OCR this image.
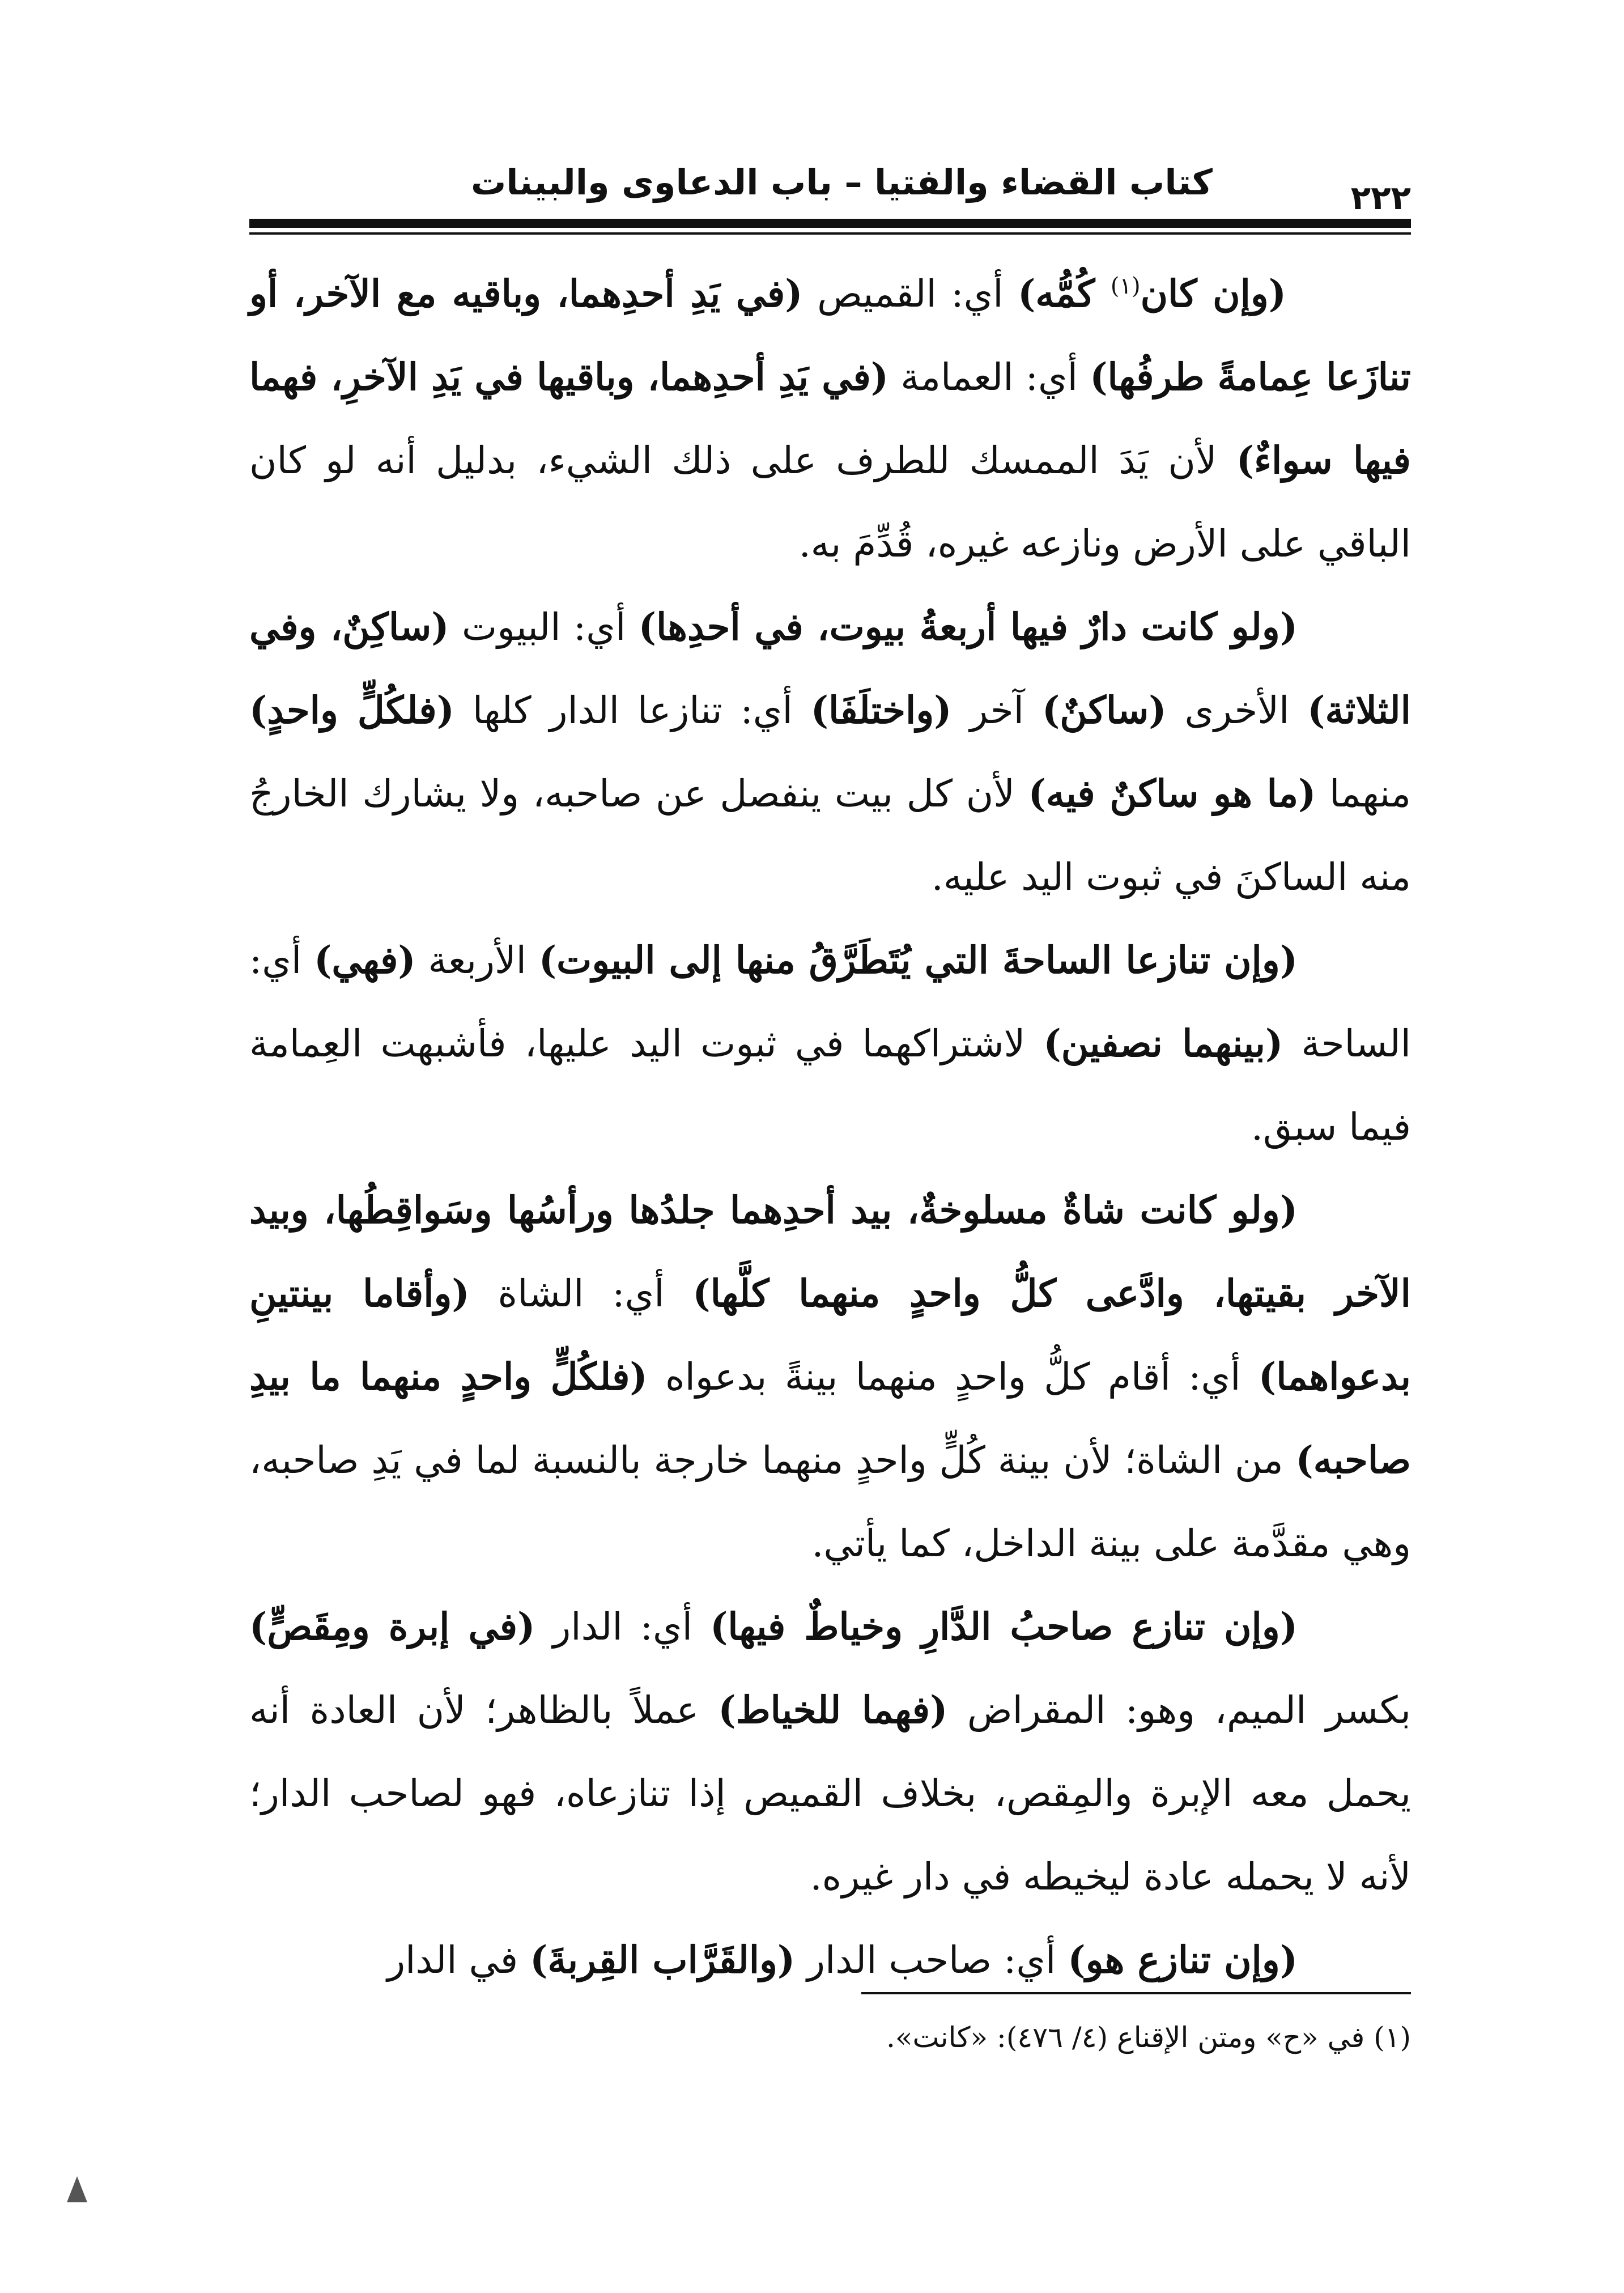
كتاب القضاء والفتيا – باب الدعاوى والبينات	٢٢٢

(وإن كان$^{(١)}$ كُمُّه) أي: القميص (في يَدِ أحدِهما، وباقيه مع الآخر، أو تنازَعا عِمامةً طرفُها) أي: العمامة (في يَدِ أحدِهما، وباقيها في يَدِ الآخرِ، فهما فيها سواءٌ) لأن يَدَ الممسك للطرف على ذلك الشيء، بدليل أنه لو كان الباقي على الأرض ونازعه غيره، قُدِّمَ به.

(ولو كانت دارٌ فيها أربعةُ بيوت، في أحدِها) أي: البيوت (ساكِنٌ، وفي الثلاثة) الأخرى (ساكنٌ) آخر (واختلَفَا) أي: تنازعا الدار كلها (فلكُلٍّ واحدٍ) منهما (ما هو ساكنٌ فيه) لأن كل بيت ينفصل عن صاحبه، ولا يشارك الخارجُ منه الساكنَ في ثبوت اليد عليه.

(وإن تنازعا الساحةَ التي يُتَطَرَّقُ منها إلى البيوت) الأربعة (فهي) أي: الساحة (بينهما نصفين) لاشتراكهما في ثبوت اليد عليها، فأشبهت العِمامة فيما سبق.

(ولو كانت شاةٌ مسلوخةٌ، بيد أحدِهما جلدُها ورأسُها وسَواقِطُها، وبيد الآخر بقيتها، وادَّعى كلُّ واحدٍ منهما كلَّها) أي: الشاة (وأقاما بينتينِ بدعواهما) أي: أقام كلُّ واحدٍ منهما بينةً بدعواه (فلكُلٍّ واحدٍ منهما ما بيدِ صاحبه) من الشاة؛ لأن بينة كُلٍّ واحدٍ منهما خارجة بالنسبة لما في يَدِ صاحبه، وهي مقدَّمة على بينة الداخل، كما يأتي.

(وإن تنازع صاحبُ الدَّارِ وخياطٌ فيها) أي: الدار (في إبرة ومِقَصٍّ) بكسر الميم، وهو: المقراض (فهما للخياط) عملاً بالظاهر؛ لأن العادة أنه يحمل معه الإبرة والمِقص، بخلاف القميص إذا تنازعاه، فهو لصاحب الدار؛ لأنه لا يحمله عادة ليخيطه في دار غيره.

(وإن تنازع هو) أي: صاحب الدار (والقَرَّاب القِربةَ) في الدار

(١) في «ح» ومتن الإقناع (٤/ ٤٧٦): «كانت».
